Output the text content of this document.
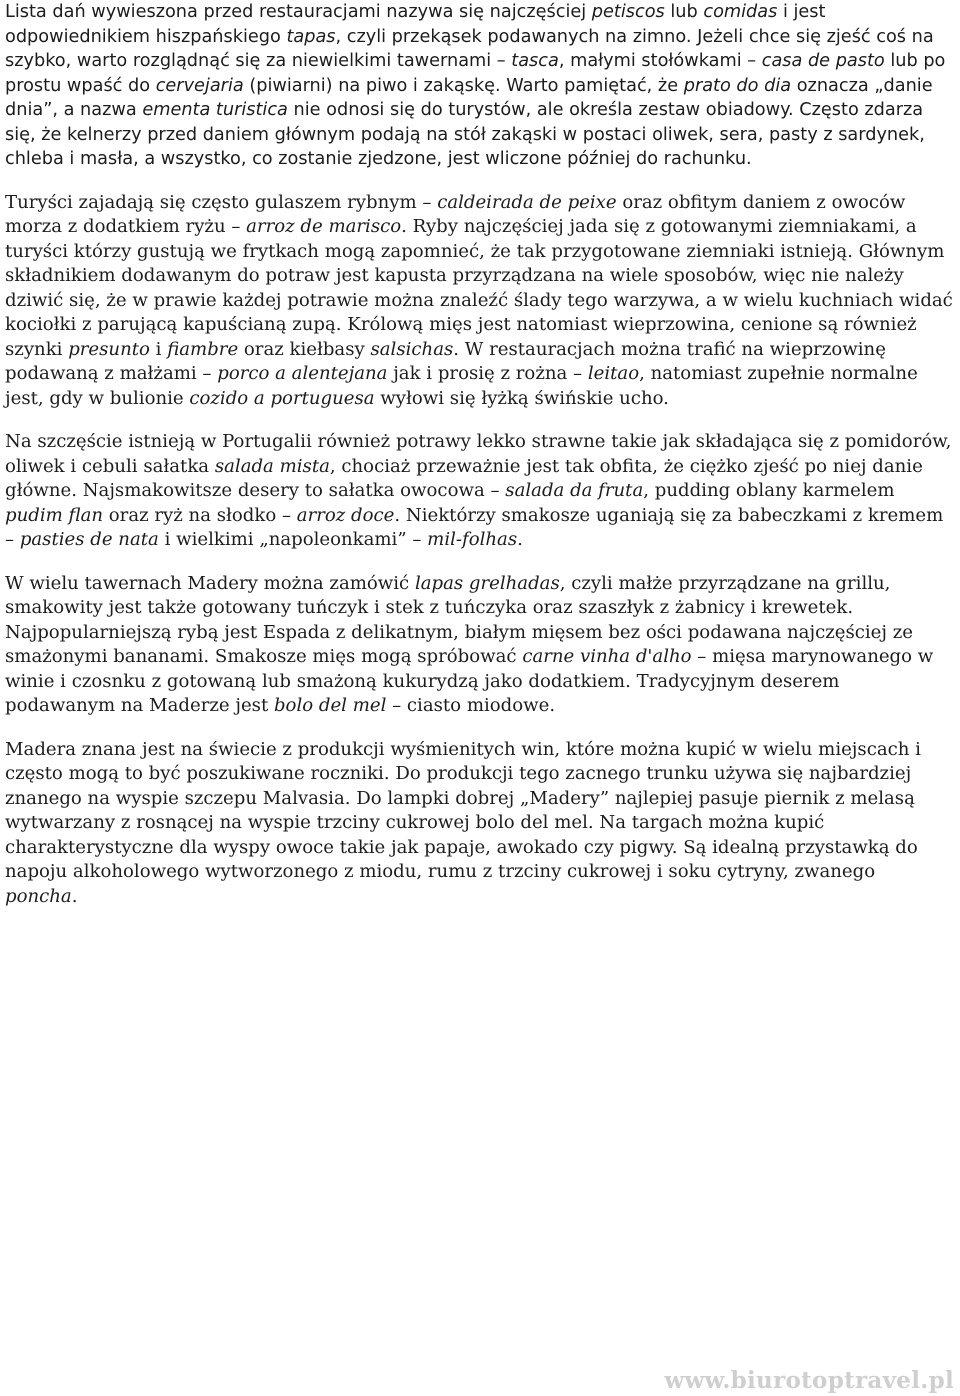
Lista dań wywieszona przed restauracjami nazywa się najczęściej petiscos lub comidas i jest odpowiednikiem hiszpańskiego tapas, czyli przekąsek podawanych na zimno. Jeżeli chce się zjeść coś na szybko, warto rozglądnąć się za niewielkimi tawernami – tasca, małymi stołówkami – casa de pasto lub po prostu wpaść do cervejaria (piwiarni) na piwo i zakąskę. Warto pamiętać, że prato do dia oznacza „danie dnia”, a nazwa ementa turistica nie odnosi się do turystów, ale określa zestaw obiadowy. Często zdarza się, że kelnerzy przed daniem głównym podają na stół zakąski w postaci oliwek, sera, pasty z sardynek, chleba i masła, a wszystko, co zostanie zjedzone, jest wliczone później do rachunku.

Turyści zajadają się często gulaszem rybnym – caldeirada de peixe oraz obfitym daniem z owoców morza z dodatkiem ryżu – arroz de marisco. Ryby najczęściej jada się z gotowanymi ziemniakami, a turyści którzy gustują we frytkach mogą zapomnieć, że tak przygotowane ziemniaki istnieją. Głównym składnikiem dodawanym do potraw jest kapusta przyrządzana na wiele sposobów, więc nie należy dziwić się, że w prawie każdej potrawie można znaleźć ślady tego warzywa, a w wielu kuchniach widać kociołki z parującą kapuścianą zupą. Królową mięs jest natomiast wieprzowina, cenione są również szynki presunto i fiambre oraz kiełbasy salsichas. W restauracjach można trafić na wieprzowinę podawaną z małżami – porco a alentejana jak i prosię z rożna – leitao, natomiast zupełnie normalne jest, gdy w bulionie cozido a portuguesa wyłowi się łyżką świńskie ucho.

Na szczęście istnieją w Portugalii również potrawy lekko strawne takie jak składająca się z pomidorów, oliwek i cebuli sałatka salada mista, chociaż przeważnie jest tak obfita, że ciężko zjeść po niej danie główne. Najsmakowitsze desery to sałatka owocowa – salada da fruta, pudding oblany karmelem pudim flan oraz ryż na słodko – arroz doce. Niektórzy smakosze uganiają się za babeczkami z kremem – pasties de nata i wielkimi „napoleonkami” – mil-folhas.

W wielu tawernach Madery można zamówić lapas grelhadas, czyli małże przyrządzane na grillu, smakowity jest także gotowany tuńczyk i stek z tuńczyka oraz szaszłyk z żabnicy i krewetek. Najpopularniejszą rybą jest Espada z delikatnym, białym mięsem bez ości podawana najczęściej ze smażonymi bananami. Smakosze mięs mogą spróbować carne vinha d'alho – mięsa marynowanego w winie i czosnku z gotowaną lub smażoną kukurydzą jako dodatkiem. Tradycyjnym deserem podawanym na Maderze jest bolo del mel – ciasto miodowe.

Madera znana jest na świecie z produkcji wyśmienitych win, które można kupić w wielu miejscach i często mogą to być poszukiwane roczniki. Do produkcji tego zacnego trunku używa się najbardziej znanego na wyspie szczepu Malvasia. Do lampki dobrej „Madery” najlepiej pasuje piernik z melasą wytwarzany z rosnącej na wyspie trzciny cukrowej bolo del mel. Na targach można kupić charakterystyczne dla wyspy owoce takie jak papaje, awokado czy pigwy. Są idealną przystawką do napoju alkoholowego wytworzonego z miodu, rumu z trzciny cukrowej i soku cytryny, zwanego poncha.

www.biurotoptravel.pl
